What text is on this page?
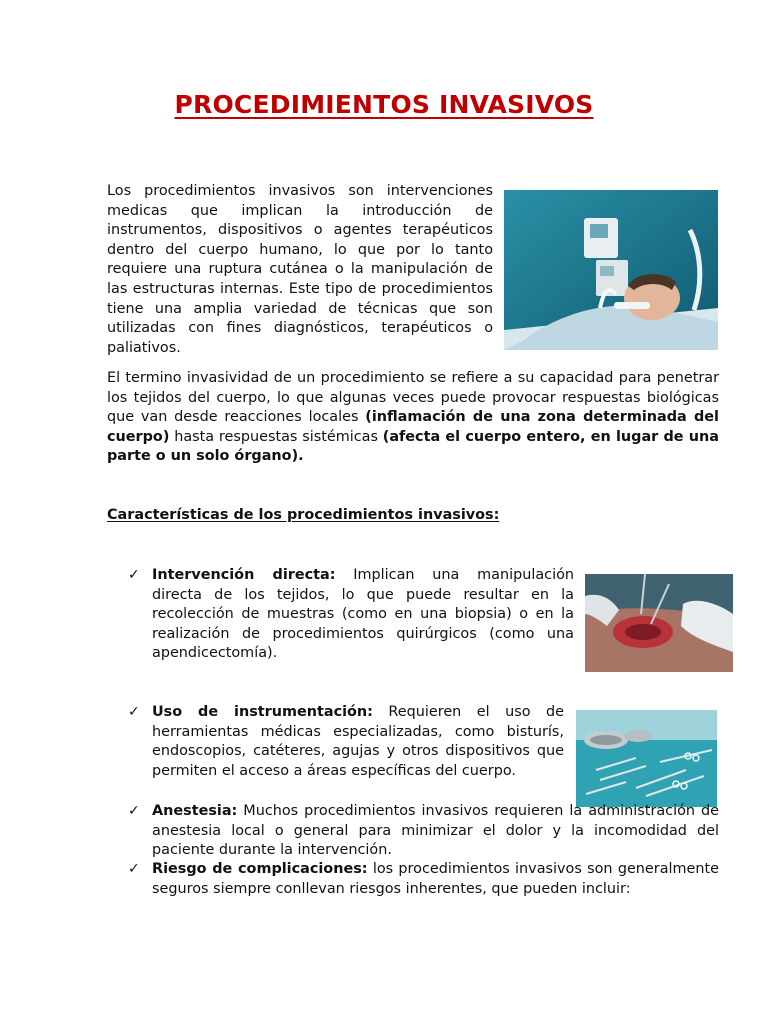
PROCEDIMIENTOS INVASIVOS

Los procedimientos invasivos son intervenciones medicas que implican la introducción de instrumentos, dispositivos o agentes terapéuticos dentro del cuerpo humano, lo que por lo tanto requiere una ruptura cutánea o la manipulación de las estructuras internas. Este tipo de procedimientos tiene una amplia variedad de técnicas que son utilizadas con fines diagnósticos, terapéuticos o paliativos.

El termino invasividad de un procedimiento se refiere a su capacidad para penetrar los tejidos del cuerpo, lo que algunas veces puede provocar respuestas biológicas que van desde reacciones locales (inflamación de una zona determinada del cuerpo) hasta respuestas sistémicas (afecta el cuerpo entero, en lugar de una parte o un solo órgano).

Características de los procedimientos invasivos:

✓ Intervención directa: Implican una manipulación directa de los tejidos, lo que puede resultar en la recolección de muestras (como en una biopsia) o en la realización de procedimientos quirúrgicos (como una apendicectomía).

✓ Uso de instrumentación: Requieren el uso de herramientas médicas especializadas, como bisturís, endoscopios, catéteres, agujas y otros dispositivos que permiten el acceso a áreas específicas del cuerpo.

✓ Anestesia: Muchos procedimientos invasivos requieren la administración de anestesia local o general para minimizar el dolor y la incomodidad del paciente durante la intervención.

✓ Riesgo de complicaciones: los procedimientos invasivos son generalmente seguros siempre conllevan riesgos inherentes, que pueden incluir:
